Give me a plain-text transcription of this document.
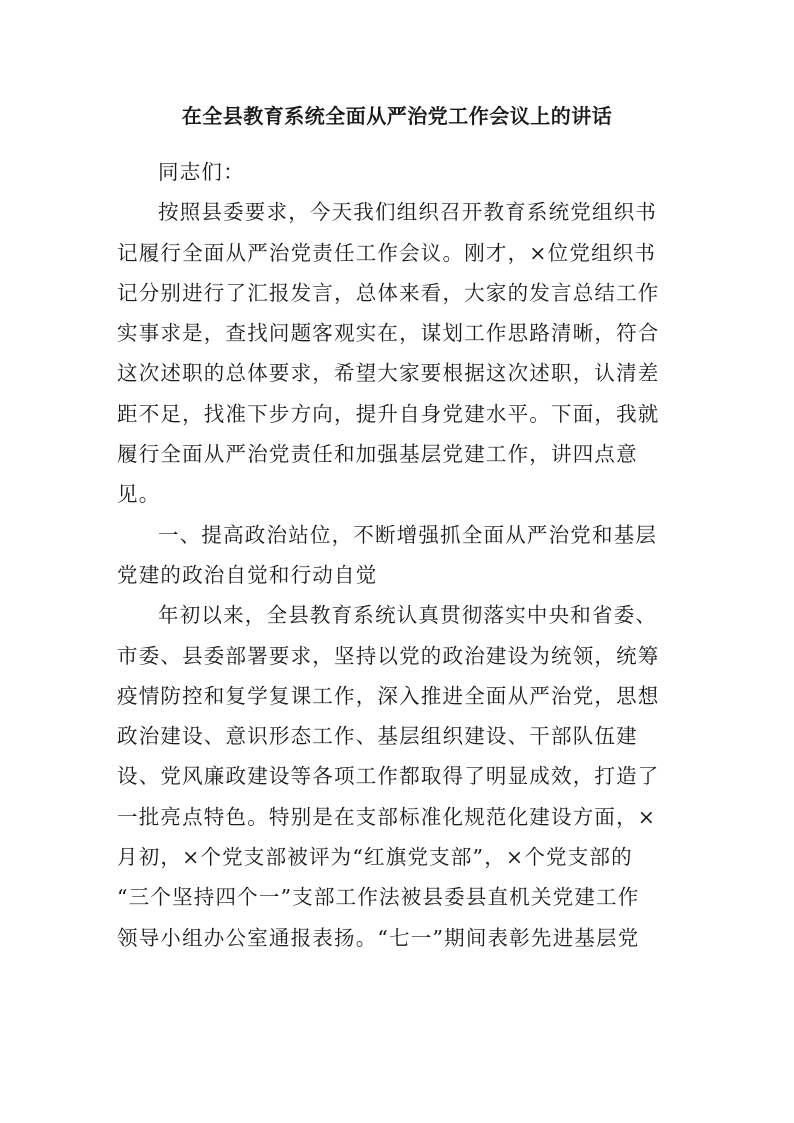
在全县教育系统全面从严治党工作会议上的讲话
同志们：
按照县委要求，今天我们组织召开教育系统党组织书
记履行全面从严治党责任工作会议。刚才，×位党组织书
记分别进行了汇报发言，总体来看，大家的发言总结工作
实事求是，查找问题客观实在，谋划工作思路清晰，符合
这次述职的总体要求，希望大家要根据这次述职，认清差
距不足，找准下步方向，提升自身党建水平。下面，我就
履行全面从严治党责任和加强基层党建工作，讲四点意
见。
一、提高政治站位，不断增强抓全面从严治党和基层
党建的政治自觉和行动自觉
年初以来，全县教育系统认真贯彻落实中央和省委、
市委、县委部署要求，坚持以党的政治建设为统领，统筹
疫情防控和复学复课工作，深入推进全面从严治党，思想
政治建设、意识形态工作、基层组织建设、干部队伍建
设、党风廉政建设等各项工作都取得了明显成效，打造了
一批亮点特色。特别是在支部标准化规范化建设方面，×
月初，×个党支部被评为“红旗党支部”，×个党支部的
“三个坚持四个一”支部工作法被县委县直机关党建工作
领导小组办公室通报表扬。“七一”期间表彰先进基层党
